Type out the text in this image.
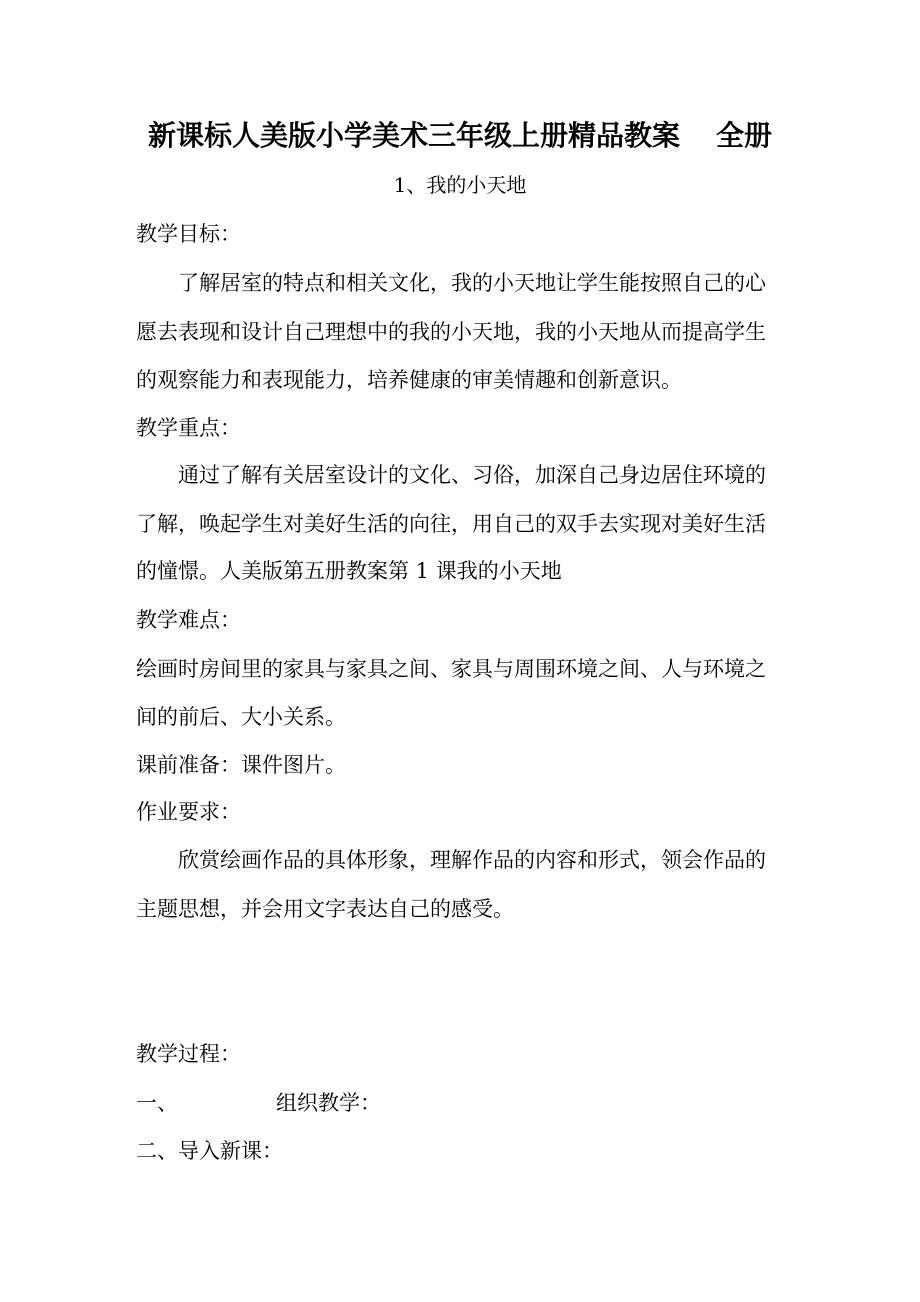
新课标人美版小学美术三年级上册精品教案 全册
1、我的小天地
教学目标：
了解居室的特点和相关文化，我的小天地让学生能按照自己的心
愿去表现和设计自己理想中的我的小天地，我的小天地从而提高学生
的观察能力和表现能力，培养健康的审美情趣和创新意识。
教学重点：
通过了解有关居室设计的文化、习俗，加深自己身边居住环境的
了解，唤起学生对美好生活的向往，用自己的双手去实现对美好生活
的憧憬。人美版第五册教案第 1 课我的小天地
教学难点：
绘画时房间里的家具与家具之间、家具与周围环境之间、人与环境之
间的前后、大小关系。
课前准备：课件图片。
作业要求：
欣赏绘画作品的具体形象，理解作品的内容和形式，领会作品的
主题思想，并会用文字表达自己的感受。
教学过程：
一、	组织教学：
二、导入新课：
